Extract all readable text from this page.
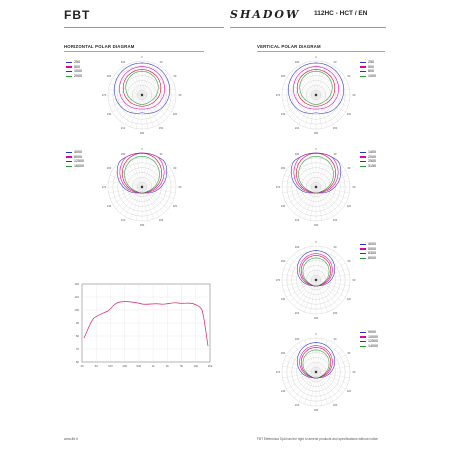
FBT	SHADOW 112HC - HCT / EN
HORIZONTAL POLAR DIAGRAM	VERTICAL POLAR DIAGRAM
250
500
1000
2000
0
30
60
90
120
150
180
210
240
270
300
330
4000
8000
12500
16000
0
30
60
90
120
150
180
210
240
270
300
330
0
30
60
90
120
150
180
210
240
270
300
330	250
500
800
1000
0
30
60
90
120
150
180
210
240
270
300
330
1400
2000
2500
3150
0
30
60
90
120
150
180
210
240
270
300
330
4000
5000
6300
8000
0
30
60
90
120
150
180
210
240
270
300
330
9000
10000
12500
14000
120
110
100
90
80
70
60
20	50	100	200	500	1k	2k	5k	10k	20k
www.fbt.it	FBT Elettronica SpA has the right to amend products and specifications without notice
